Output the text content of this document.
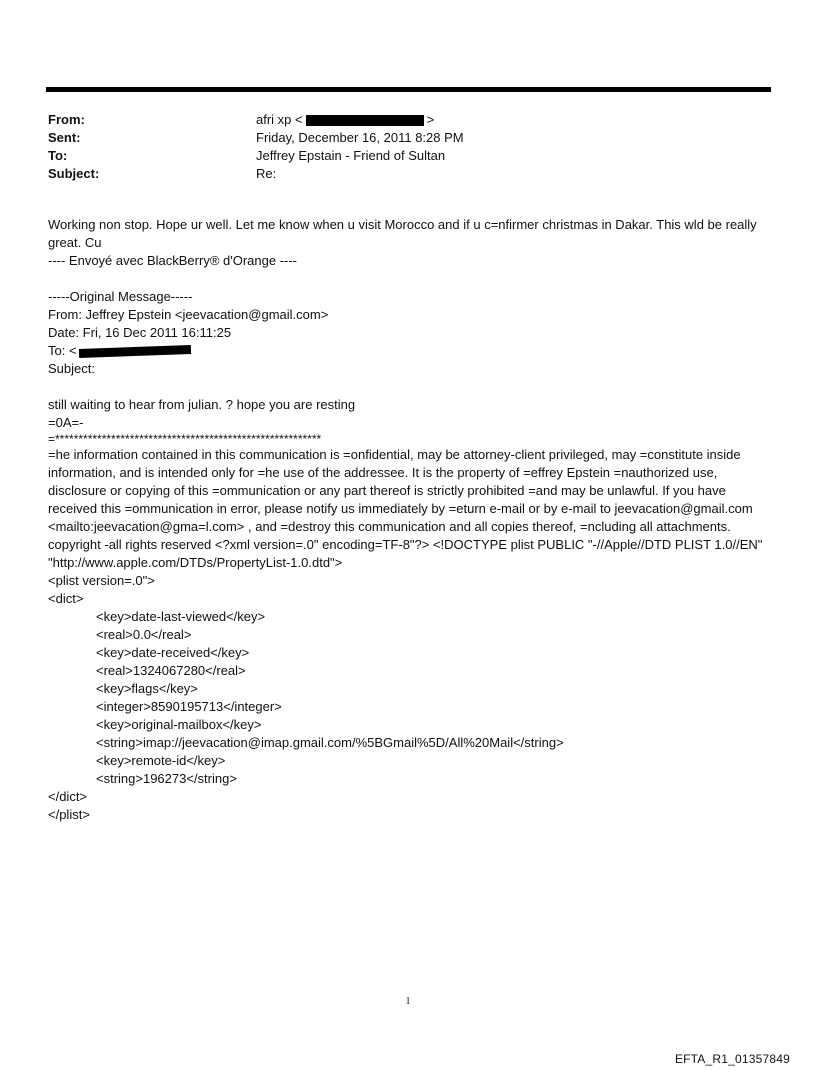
From:	afri xp <	>
Sent:	Friday, December 16, 2011 8:28 PM
To:	Jeffrey Epstain - Friend of Sultan
Subject:	Re:

Working non stop. Hope ur well. Let me know when u visit Morocco and if u c=nfirmer christmas in Dakar. This wld be really great. Cu

---- Envoyé avec BlackBerry® d'Orange ----

-----Original Message-----

From: Jeffrey Epstein <jeevacation@gmail.com>

Date: Fri, 16 Dec 2011 16:11:25

To: <

Subject:

still waiting to hear from julian. ? hope you are resting

=0A=-

=*********************************************************

=he information contained in this communication is =onfidential, may be attorney-client privileged, may =constitute inside information, and is intended only for =he use of the addressee. It is the property of =effrey Epstein =nauthorized use, disclosure or copying of this =ommunication or any part thereof is strictly prohibited =and may be unlawful. If you have received this =ommunication in error, please notify us immediately by =eturn e-mail or by e-mail to jeevacation@gmail.com <mailto:jeevacation@gma=l.com> , and =destroy this communication and all copies thereof, =ncluding all attachments. copyright -all rights reserved <?xml version=.0" encoding=TF-8"?> <!DOCTYPE plist PUBLIC "-//Apple//DTD PLIST 1.0//EN" "http://www.apple.com/DTDs/PropertyList-1.0.dtd">

<plist version=.0">

<dict>

<key>date-last-viewed</key>

<real>0.0</real>

<key>date-received</key>

<real>1324067280</real>

<key>flags</key>

<integer>8590195713</integer>

<key>original-mailbox</key>

<string>imap://jeevacation@imap.gmail.com/%5BGmail%5D/All%20Mail</string>

<key>remote-id</key>

<string>196273</string>

</dict>

</plist>

1
EFTA_R1_01357849
